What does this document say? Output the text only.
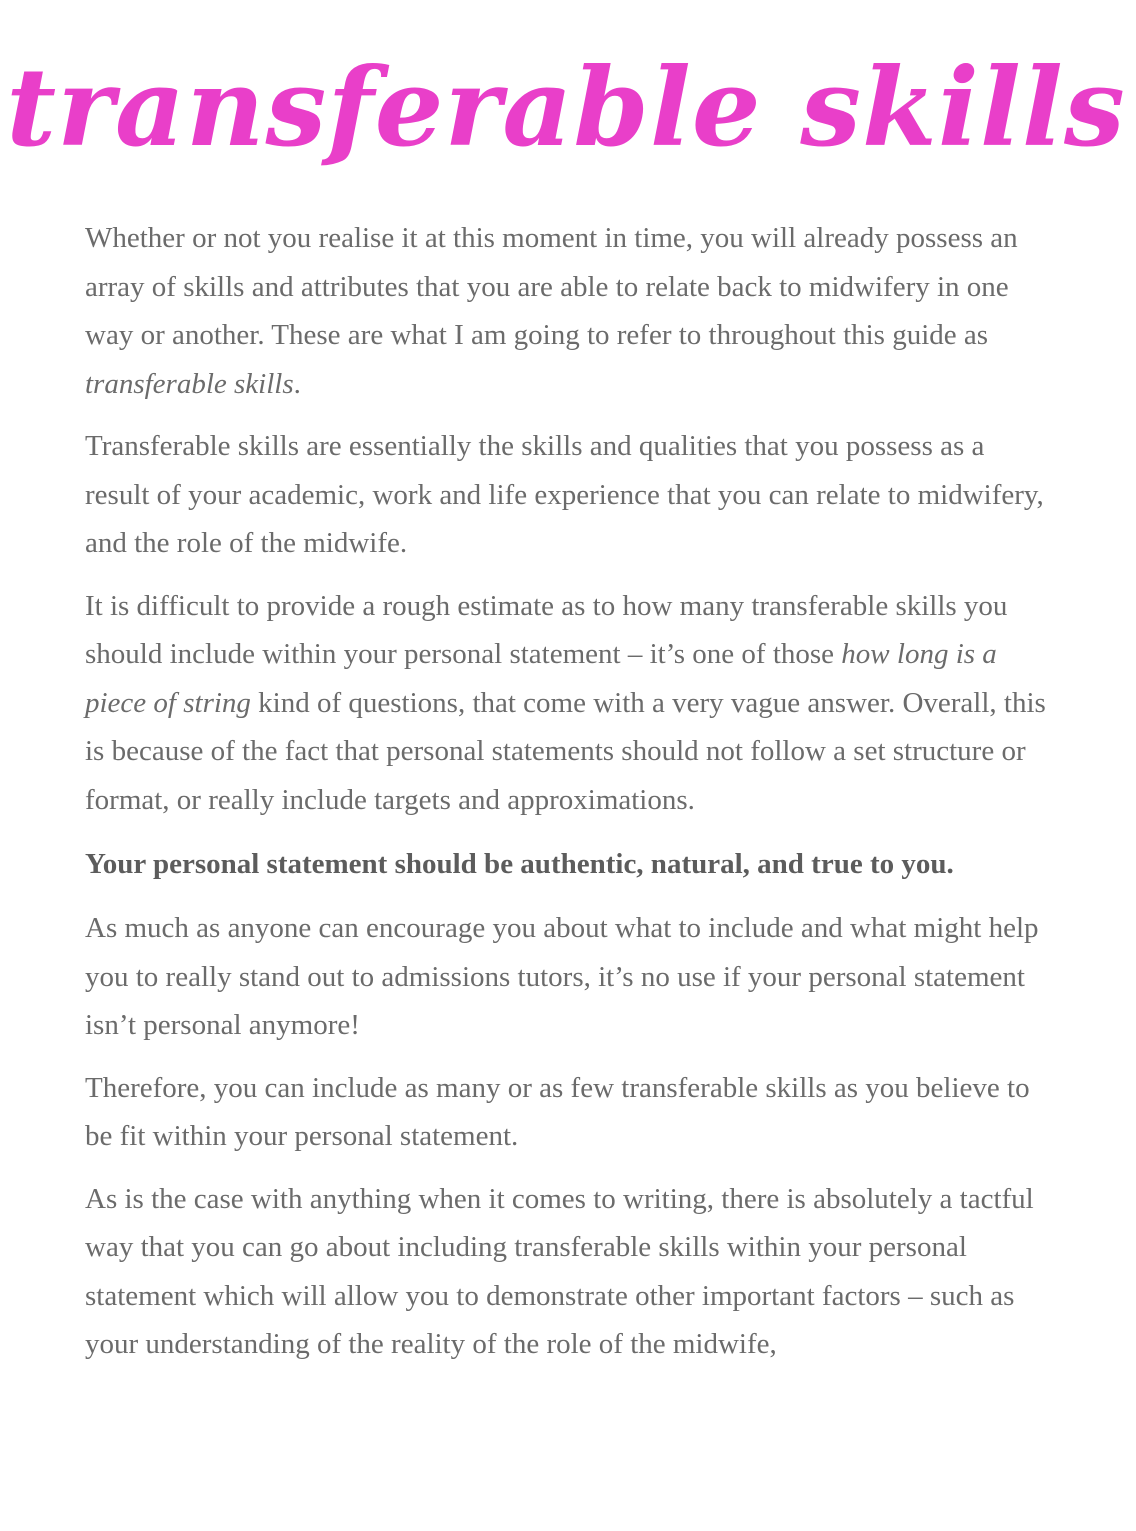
transferable skills

Whether or not you realise it at this moment in time, you will already possess an array of skills and attributes that you are able to relate back to midwifery in one way or another. These are what I am going to refer to throughout this guide as transferable skills.

Transferable skills are essentially the skills and qualities that you possess as a result of your academic, work and life experience that you can relate to midwifery, and the role of the midwife.

It is difficult to provide a rough estimate as to how many transferable skills you should include within your personal statement – it’s one of those how long is a piece of string kind of questions, that come with a very vague answer. Overall, this is because of the fact that personal statements should not follow a set structure or format, or really include targets and approximations.

Your personal statement should be authentic, natural, and true to you.

As much as anyone can encourage you about what to include and what might help you to really stand out to admissions tutors, it’s no use if your personal statement isn’t personal anymore!

Therefore, you can include as many or as few transferable skills as you believe to be fit within your personal statement.

As is the case with anything when it comes to writing, there is absolutely a tactful way that you can go about including transferable skills within your personal statement which will allow you to demonstrate other important factors – such as your understanding of the reality of the role of the midwife,
